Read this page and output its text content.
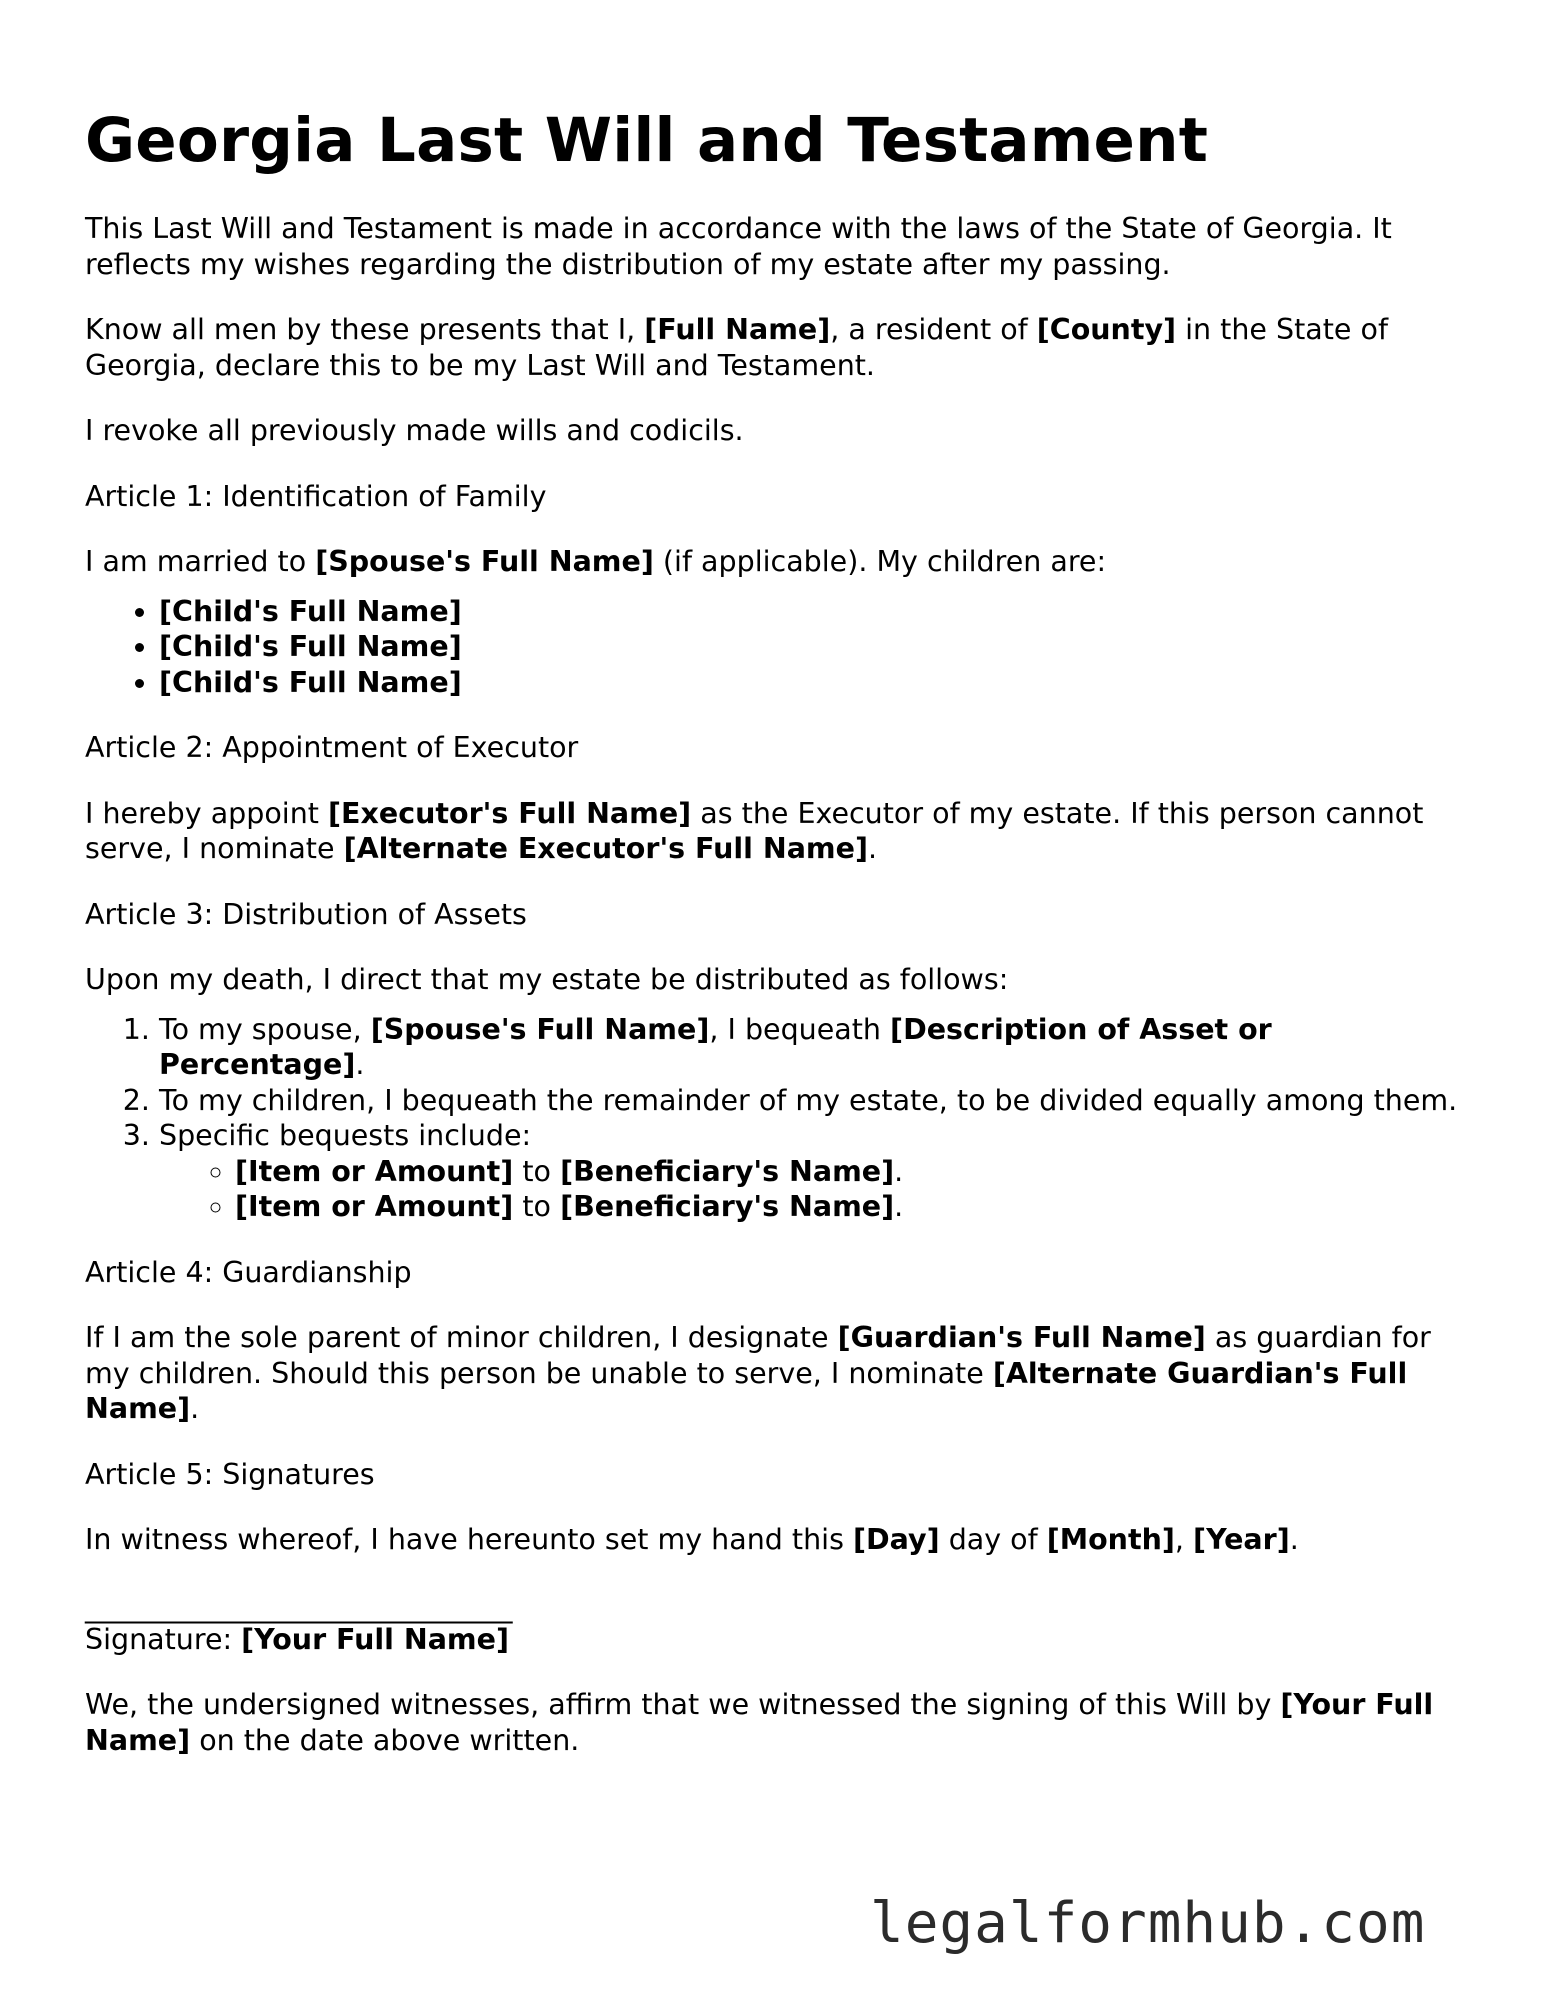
Georgia Last Will and Testament

This Last Will and Testament is made in accordance with the laws of the State of Georgia. It reflects my wishes regarding the distribution of my estate after my passing.

Know all men by these presents that I, [Full Name], a resident of [County] in the State of Georgia, declare this to be my Last Will and Testament.

I revoke all previously made wills and codicils.

Article 1: Identification of Family

I am married to [Spouse's Full Name] (if applicable). My children are:

• [Child's Full Name]
• [Child's Full Name]
• [Child's Full Name]

Article 2: Appointment of Executor

I hereby appoint [Executor's Full Name] as the Executor of my estate. If this person cannot serve, I nominate [Alternate Executor's Full Name].

Article 3: Distribution of Assets

Upon my death, I direct that my estate be distributed as follows:

1. To my spouse, [Spouse's Full Name], I bequeath [Description of Asset or Percentage].
2. To my children, I bequeath the remainder of my estate, to be divided equally among them.
3. Specific bequests include:
◦ [Item or Amount] to [Beneficiary's Name].
◦ [Item or Amount] to [Beneficiary's Name].

Article 4: Guardianship

If I am the sole parent of minor children, I designate [Guardian's Full Name] as guardian for my children. Should this person be unable to serve, I nominate [Alternate Guardian's Full Name].

Article 5: Signatures

In witness whereof, I have hereunto set my hand this [Day] day of [Month], [Year].

______________________________

Signature: [Your Full Name]

We, the undersigned witnesses, affirm that we witnessed the signing of this Will by [Your Full Name] on the date above written.

legalformhub.com
